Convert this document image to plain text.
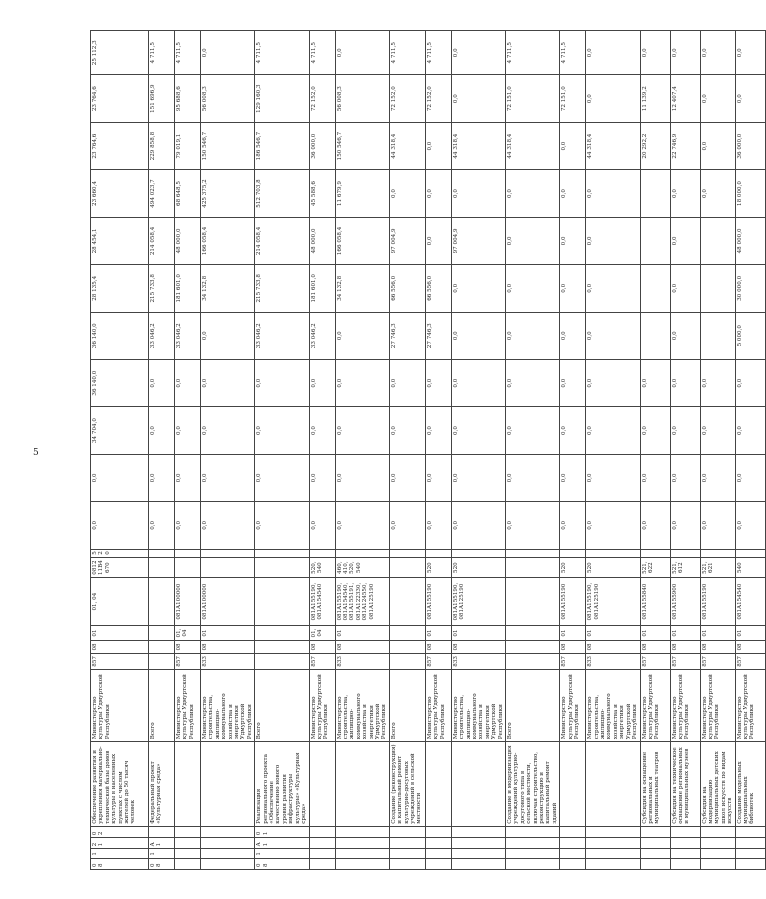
5
08	1	21	02	Обеспечение развития и укрепления материально-технической базы домов культуры в населенных пунктах с числом жителей до 50 тысяч человек	Министерство культуры Удмуртской Республики	857	08	01	01, 04	081211В4670	520	0,0	0,0	34 704,0	36 140,0	36 140,0	28 135,4	28 454,1	23 660,4	23 764,6	23 764,6	25 112,3
08	1	A1		Федеральный проект «Культурная среда»	Всего							0,0	0,0	0,0	0,0	33 046,2	215 733,8	214 058,4	494 023,7	229 858,8	151 696,9	4 711,5
					Министерство культуры Удмуртской Республики	857	08	01, 04	081A100000			0,0	0,0	0,0	0,0	33 046,2	181 601,0	48 000,0	68 648,5	79 019,1	95 688,6	4 711,5
					Министерство строительства, жилищно-коммунального хозяйства и энергетики Удмуртской Республики	833	08	01	081A100000			0,0	0,0	0,0	0,0	0,0	34 132,8	166 058,4	425 375,2	150 546,7	56 008,3	0,0
08	1	A1	01	Реализация регионального проекта «Обеспечение качественно нового уровня развития инфраструктуры культуры» «Культурная среда»	Всего							0,0	0,0	0,0	0,0	33 046,2	215 733,8	214 058,4	512 703,8	186 546,7	129 160,3	4 711,5
					Министерство культуры Удмуртской Республики	857	08	01, 04	081A155190, 081A154540	520, 540		0,0	0,0	0,0	0,0	33 046,2	181 601,0	48 000,0	45 588,6	36 000,0	72 152,0	4 711,5
					Министерство строительства, жилищно-коммунального хозяйства и энергетики Удмуртской Республики	833	08	01	081A155190, 081A154540, 081A155191, 081A122330, 081A124550, 081A125190	460, 410, 520, 540		0,0	0,0	0,0	0,0	0,0	34 132,8	166 058,4	11 679,9	150 546,7	56 008,3	0,0
				Создание (реконструкция) и капитальный ремонт культурно-досуговых учреждений в сельской местности	Всего							0,0	0,0	0,0	0,0	27 746,3	66 556,0	97 004,9	0,0	44 318,4	72 152,0	4 711,5
					Министерство культуры Удмуртской Республики	857	08	01	081A155190	520		0,0	0,0	0,0	0,0	27 746,3	66 556,0	0,0	0,0	0,0	72 152,0	4 711,5
					Министерство строительства, жилищно-коммунального хозяйства и энергетики Удмуртской Республики	833	08	01	081A155190, 081A125190	520		0,0	0,0	0,0	0,0	0,0	0,0	97 004,9	0,0	44 318,4	0,0	0,0
				Создание и модернизация учреждений культурно-досугового типа в сельской местности, включая строительство, реконструкцию и капитальный ремонт зданий	Всего							0,0	0,0	0,0	0,0	0,0	0,0	0,0	0,0	44 318,4	72 151,0	4 711,5
					Министерство культуры Удмуртской Республики	857	08	01	081A155190	520		0,0	0,0	0,0	0,0	0,0	0,0	0,0	0,0	0,0	72 151,0	4 711,5
					Министерство строительства, жилищно-коммунального хозяйства и энергетики Удмуртской Республики	833	08	01	081A155190, 081A125190	520		0,0	0,0	0,0	0,0	0,0	0,0	0,0	0,0	44 318,4	0,0	0,0
				Субсидия на оснащение региональных и муниципальных театров	Министерство культуры Удмуртской Республики	857	08	01	081A155840	521, 622		0,0	0,0	0,0	0,0					20 292,2	11 139,2	0,0
				Субсидия на техническое оснащение региональных и муниципальных музеев	Министерство культуры Удмуртской Республики	857	08	01	081A155900	521, 612		0,0	0,0	0,0	0,0	0,0	0,0	0,0	0,0	22 746,9	12 407,4	0,0
				Субсидия на модернизацию муниципальных детских школ искусств по видам искусств	Министерство культуры Удмуртской Республики	857	08	01	081A155190	521, 621		0,0	0,0	0,0	0,0				0,0	0,0	0,0	0,0
				Создание модельных муниципальных библиотек	Министерство культуры Удмуртской Республики	857	08	01	081A154540	540		0,0	0,0	0,0	0,0	5 000,0	30 000,0	48 000,0	18 000,0	36 000,0	0,0	0,0
